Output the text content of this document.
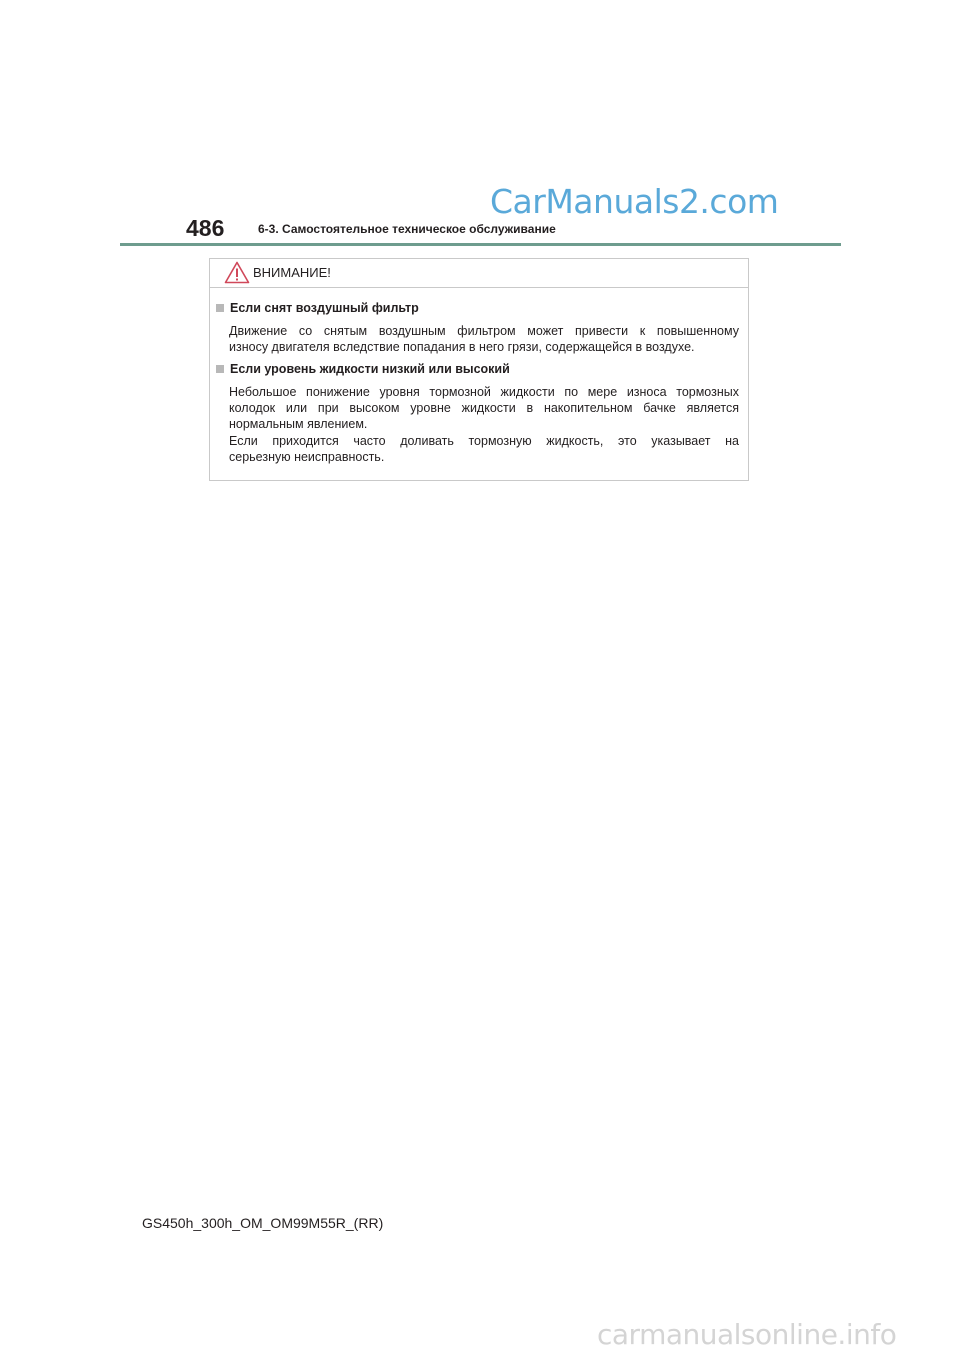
CarManuals2.com
486	6-3. Самостоятельное техническое обслуживание
ВНИМАНИЕ!
Если снят воздушный фильтр

Движение со снятым воздушным фильтром может привести к повышенному
износу двигателя вследствие попадания в него грязи, содержащейся в воздухе.

Если уровень жидкости низкий или высокий

Небольшое понижение уровня тормозной жидкости по мере износа тормозных
колодок или при высоком уровне жидкости в накопительном бачке является
нормальным явлением.
Если приходится часто доливать тормозную жидкость, это указывает на
серьезную неисправность.

GS450h_300h_OM_OM99M55R_(RR)
carmanualsonline.info
